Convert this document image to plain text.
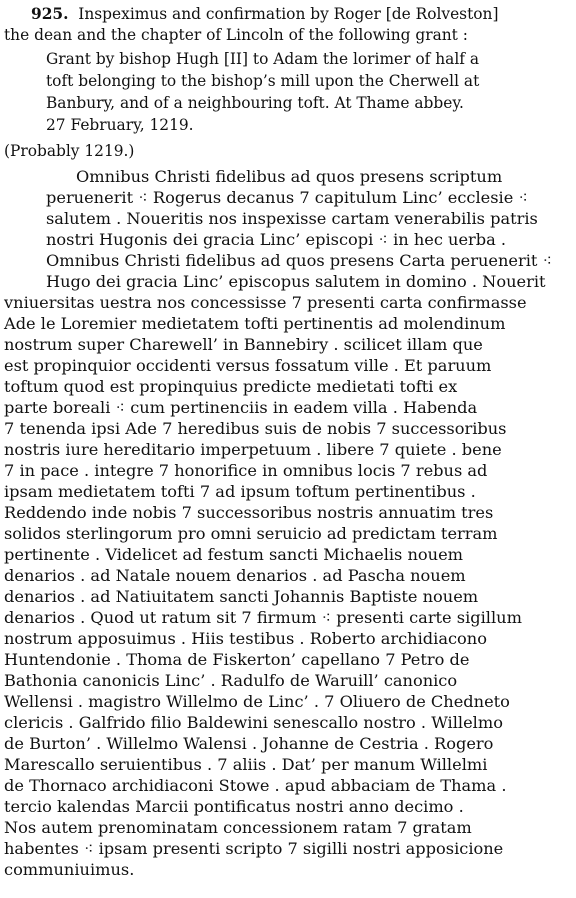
925. Inspeximus and confirmation by Roger [de Rolveston]
the dean and the chapter of Lincoln of the following grant :
Grant by bishop Hugh [II] to Adam the lorimer of half a
toft belonging to the bishop’s mill upon the Cherwell at
Banbury, and of a neighbouring toft. At Thame abbey.
27 February, 1219.
(Probably 1219.)
Omnibus Christi fidelibus ad quos presens scriptum
peruenerit ⁖ Rogerus decanus 7 capitulum Linc’ ecclesie ⁖
salutem . Noueritis nos inspexisse cartam venerabilis patris
nostri Hugonis dei gracia Linc’ episcopi ⁖ in hec uerba .
Omnibus Christi fidelibus ad quos presens Carta peruenerit ⁖
Hugo dei gracia Linc’ episcopus salutem in domino . Nouerit
vniuersitas uestra nos concessisse 7 presenti carta confirmasse
Ade le Loremier medietatem tofti pertinentis ad molendinum
nostrum super Charewell’ in Bannebiry . scilicet illam que
est propinquior occidenti versus fossatum ville . Et paruum
toftum quod est propinquius predicte medietati tofti ex
parte boreali ⁖ cum pertinenciis in eadem villa . Habenda
7 tenenda ipsi Ade 7 heredibus suis de nobis 7 successoribus
nostris iure hereditario imperpetuum . libere 7 quiete . bene
7 in pace . integre 7 honorifice in omnibus locis 7 rebus ad
ipsam medietatem tofti 7 ad ipsum toftum pertinentibus .
Reddendo inde nobis 7 successoribus nostris annuatim tres
solidos sterlingorum pro omni seruicio ad predictam terram
pertinente . Videlicet ad festum sancti Michaelis nouem
denarios . ad Natale nouem denarios . ad Pascha nouem
denarios . ad Natiuitatem sancti Johannis Baptiste nouem
denarios . Quod ut ratum sit 7 firmum ⁖ presenti carte sigillum
nostrum apposuimus . Hiis testibus . Roberto archidiacono
Huntendonie . Thoma de Fiskerton’ capellano 7 Petro de
Bathonia canonicis Linc’ . Radulfo de Waruill’ canonico
Wellensi . magistro Willelmo de Linc’ . 7 Oliuero de Chedneto
clericis . Galfrido filio Baldewini senescallo nostro . Willelmo
de Burton’ . Willelmo Walensi . Johanne de Cestria . Rogero
Marescallo seruientibus . 7 aliis . Dat’ per manum Willelmi
de Thornaco archidiaconi Stowe . apud abbaciam de Thama .
tercio kalendas Marcii pontificatus nostri anno decimo .
Nos autem prenominatam concessionem ratam 7 gratam
habentes ⁖ ipsam presenti scripto 7 sigilli nostri apposicione
communiuimus.
